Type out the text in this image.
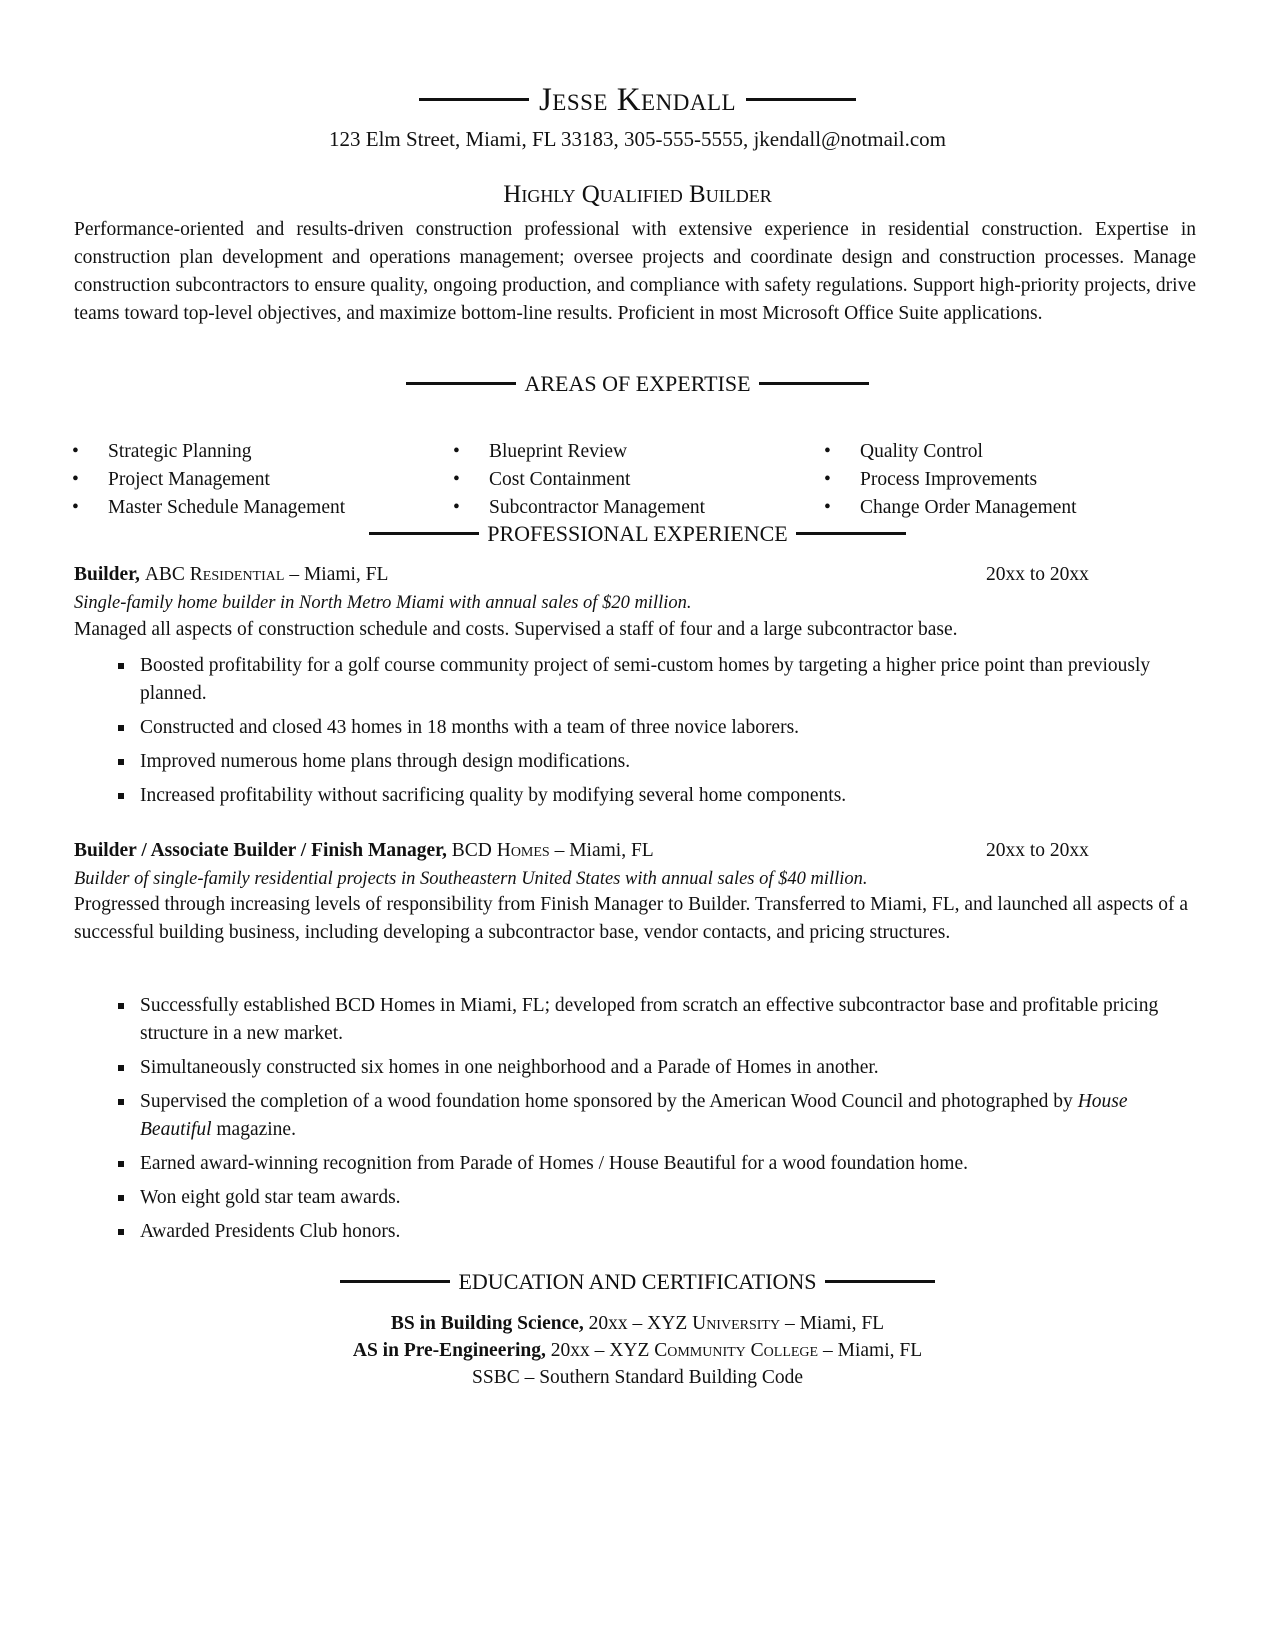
Jesse Kendall
123 Elm Street, Miami, FL 33183, 305-555-5555, jkendall@notmail.com
Highly Qualified Builder
Performance-oriented and results-driven construction professional with extensive experience in residential construction. Expertise in construction plan development and operations management; oversee projects and coordinate design and construction processes. Manage construction subcontractors to ensure quality, ongoing production, and compliance with safety regulations. Support high-priority projects, drive teams toward top-level objectives, and maximize bottom-line results. Proficient in most Microsoft Office Suite applications.
AREAS OF EXPERTISE
• Strategic Planning
• Project Management
• Master Schedule Management
• Blueprint Review
• Cost Containment
• Subcontractor Management
• Quality Control
• Process Improvements
• Change Order Management
PROFESSIONAL EXPERIENCE
Builder, ABC Residential – Miami, FL	20xx to 20xx
Single-family home builder in North Metro Miami with annual sales of $20 million.
Managed all aspects of construction schedule and costs. Supervised a staff of four and a large subcontractor base.
Boosted profitability for a golf course community project of semi-custom homes by targeting a higher price point than previously planned.
Constructed and closed 43 homes in 18 months with a team of three novice laborers.
Improved numerous home plans through design modifications.
Increased profitability without sacrificing quality by modifying several home components.
Builder / Associate Builder / Finish Manager, BCD Homes – Miami, FL	20xx to 20xx
Builder of single-family residential projects in Southeastern United States with annual sales of $40 million.
Progressed through increasing levels of responsibility from Finish Manager to Builder. Transferred to Miami, FL, and launched all aspects of a successful building business, including developing a subcontractor base, vendor contacts, and pricing structures.
Successfully established BCD Homes in Miami, FL; developed from scratch an effective subcontractor base and profitable pricing structure in a new market.
Simultaneously constructed six homes in one neighborhood and a Parade of Homes in another.
Supervised the completion of a wood foundation home sponsored by the American Wood Council and photographed by House Beautiful magazine.
Earned award-winning recognition from Parade of Homes / House Beautiful for a wood foundation home.
Won eight gold star team awards.
Awarded Presidents Club honors.
EDUCATION AND CERTIFICATIONS
BS in Building Science, 20xx – XYZ University – Miami, FL
AS in Pre-Engineering, 20xx – XYZ Community College – Miami, FL
SSBC – Southern Standard Building Code
